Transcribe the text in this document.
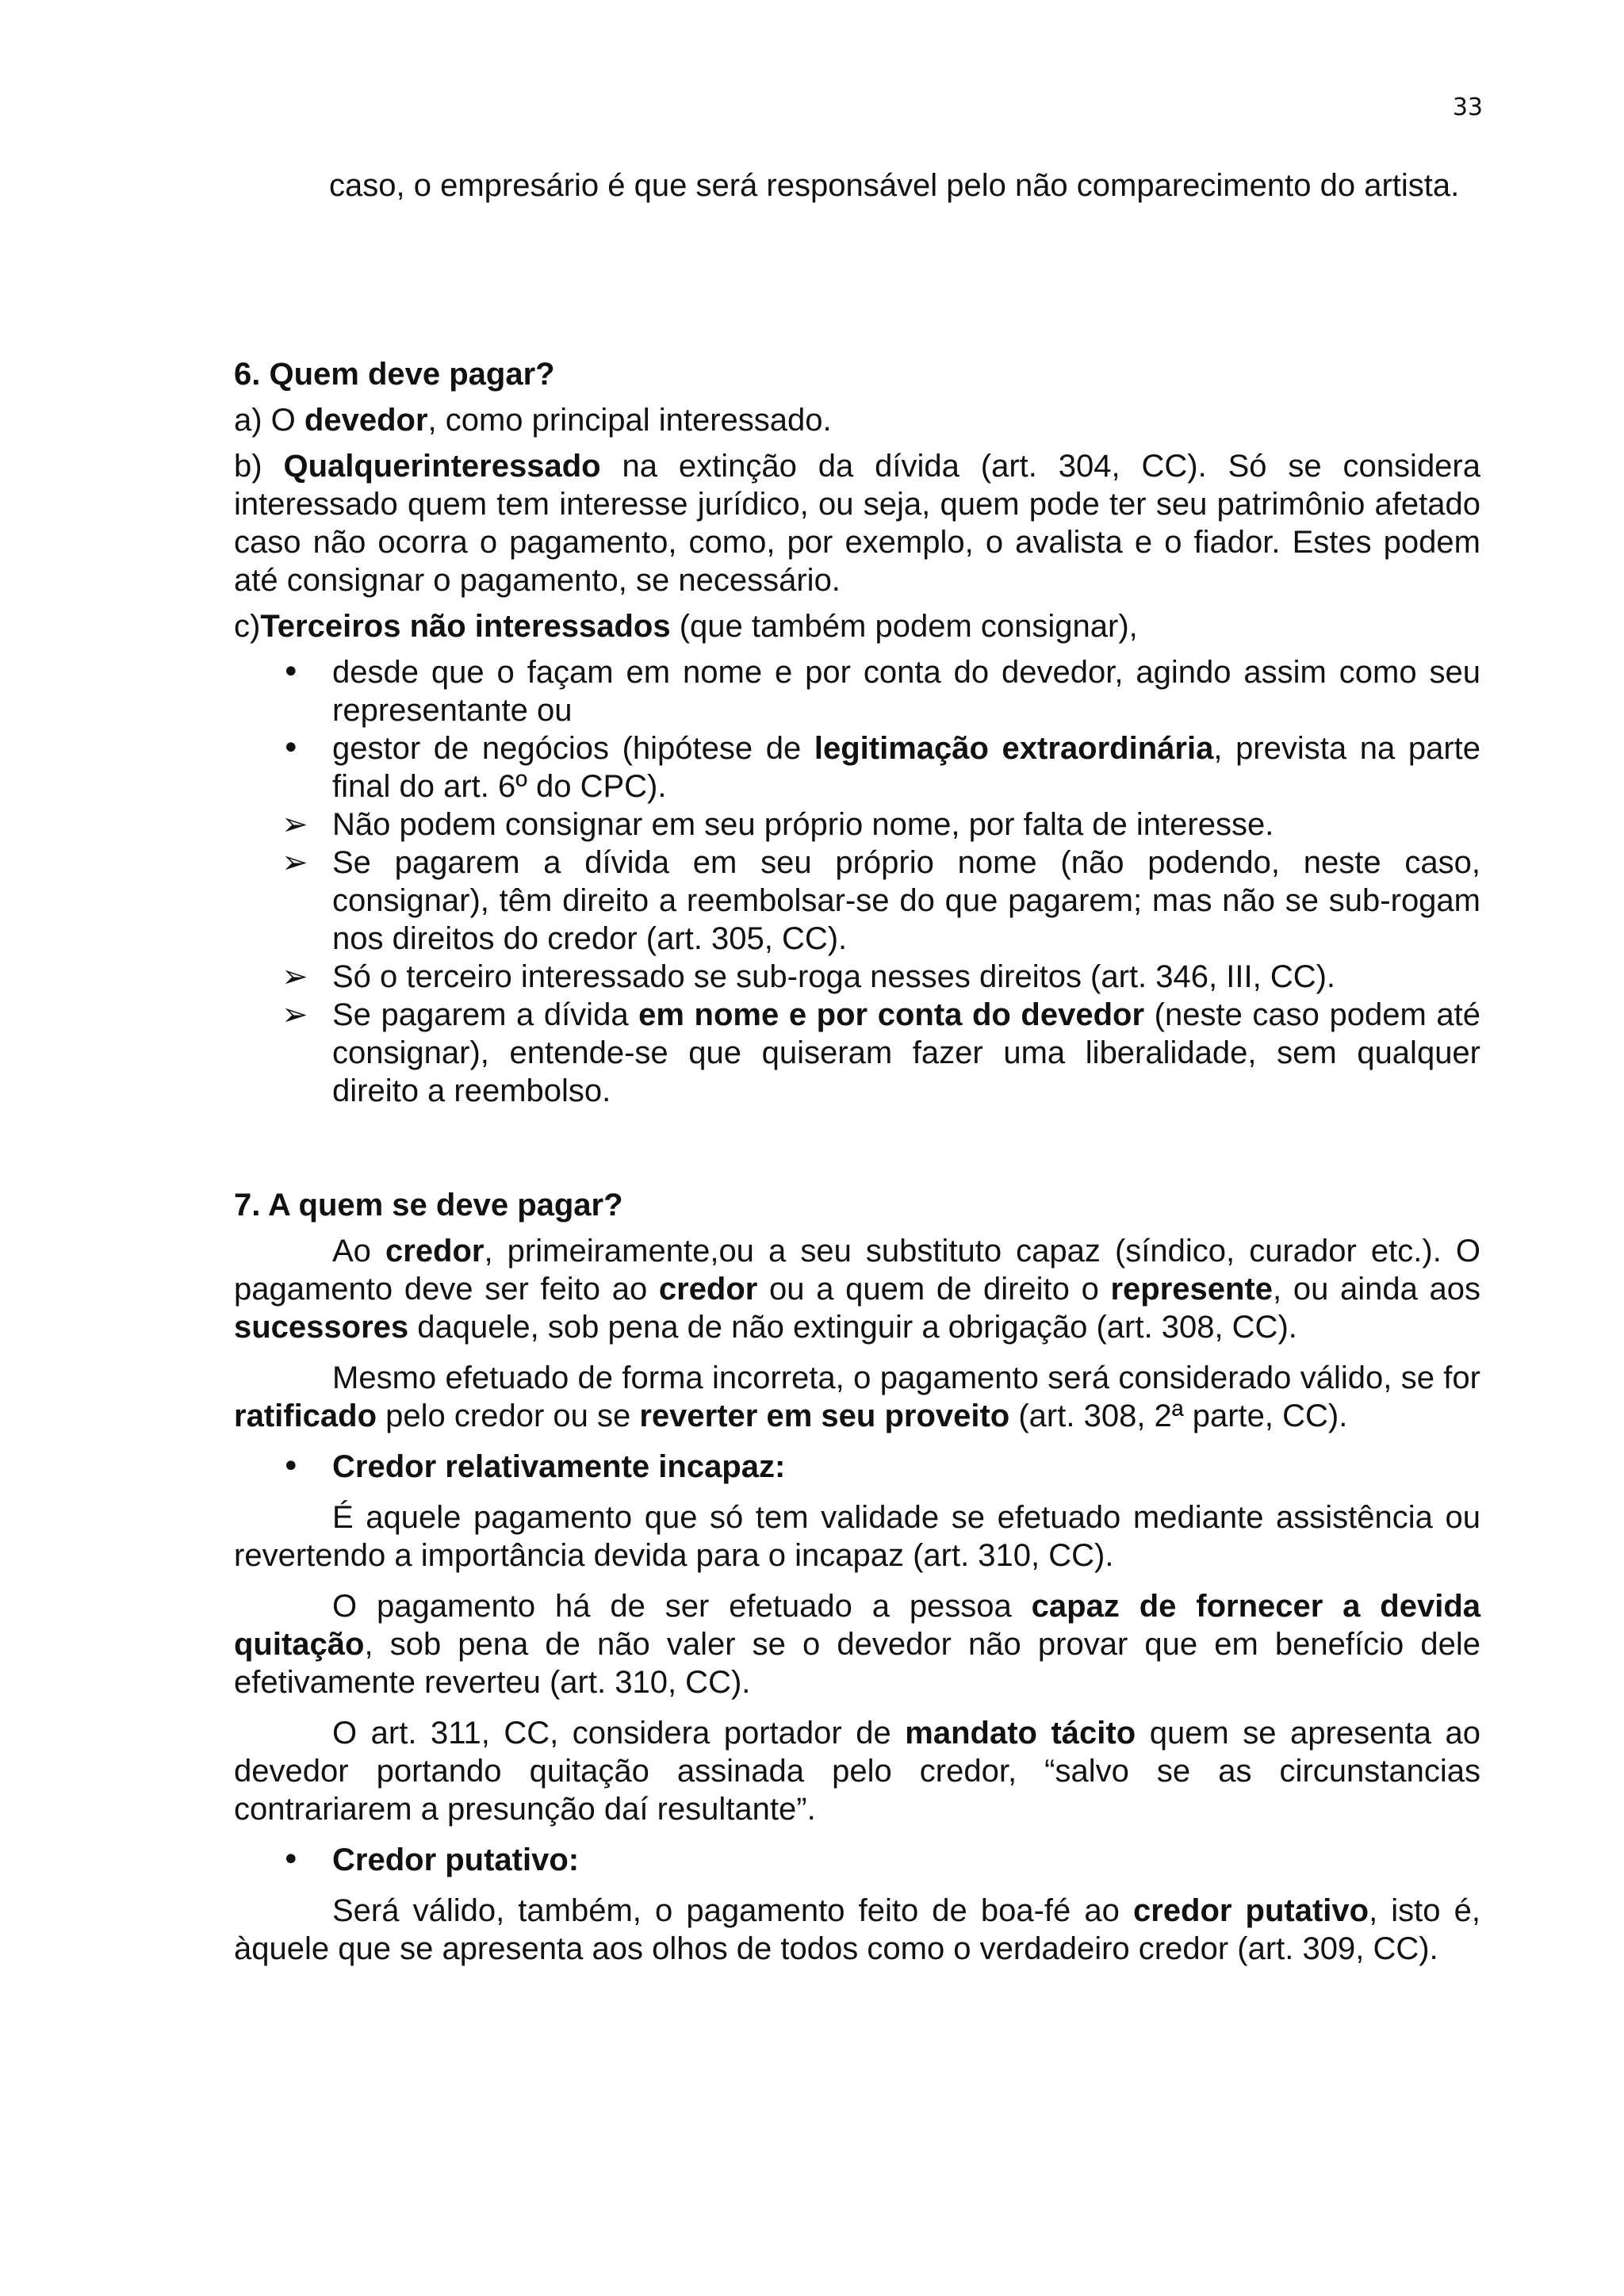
33

caso, o empresário é que será responsável pelo não comparecimento do artista.

6. Quem deve pagar?

a) O devedor, como principal interessado.

b) Qualquerinteressado na extinção da dívida (art. 304, CC). Só se considera interessado quem tem interesse jurídico, ou seja, quem pode ter seu patrimônio afetado caso não ocorra o pagamento, como, por exemplo, o avalista e o fiador. Estes podem até consignar o pagamento, se necessário.

c)Terceiros não interessados (que também podem consignar),

•	desde que o façam em nome e por conta do devedor, agindo assim como seu representante ou
•	gestor de negócios (hipótese de legitimação extraordinária, prevista na parte final do art. 6º do CPC).
➢ Não podem consignar em seu próprio nome, por falta de interesse.
➢ Se pagarem a dívida em seu próprio nome (não podendo, neste caso, consignar), têm direito a reembolsar-se do que pagarem; mas não se sub-rogam nos direitos do credor (art. 305, CC).
➢ Só o terceiro interessado se sub-roga nesses direitos (art. 346, III, CC).
➢ Se pagarem a dívida em nome e por conta do devedor (neste caso podem até consignar), entende-se que quiseram fazer uma liberalidade, sem qualquer direito a reembolso.

7. A quem se deve pagar?

Ao credor, primeiramente,ou a seu substituto capaz (síndico, curador etc.). O pagamento deve ser feito ao credor ou a quem de direito o represente, ou ainda aos sucessores daquele, sob pena de não extinguir a obrigação (art. 308, CC).

Mesmo efetuado de forma incorreta, o pagamento será considerado válido, se for ratificado pelo credor ou se reverter em seu proveito (art. 308, 2ª parte, CC).

• Credor relativamente incapaz:

É aquele pagamento que só tem validade se efetuado mediante assistência ou revertendo a importância devida para o incapaz (art. 310, CC).

O pagamento há de ser efetuado a pessoa capaz de fornecer a devida quitação, sob pena de não valer se o devedor não provar que em benefício dele efetivamente reverteu (art. 310, CC).

O art. 311, CC, considera portador de mandato tácito quem se apresenta ao devedor portando quitação assinada pelo credor, “salvo se as circunstancias contrariarem a presunção daí resultante”.

• Credor putativo:

Será válido, também, o pagamento feito de boa-fé ao credor putativo, isto é, àquele que se apresenta aos olhos de todos como o verdadeiro credor (art. 309, CC).
